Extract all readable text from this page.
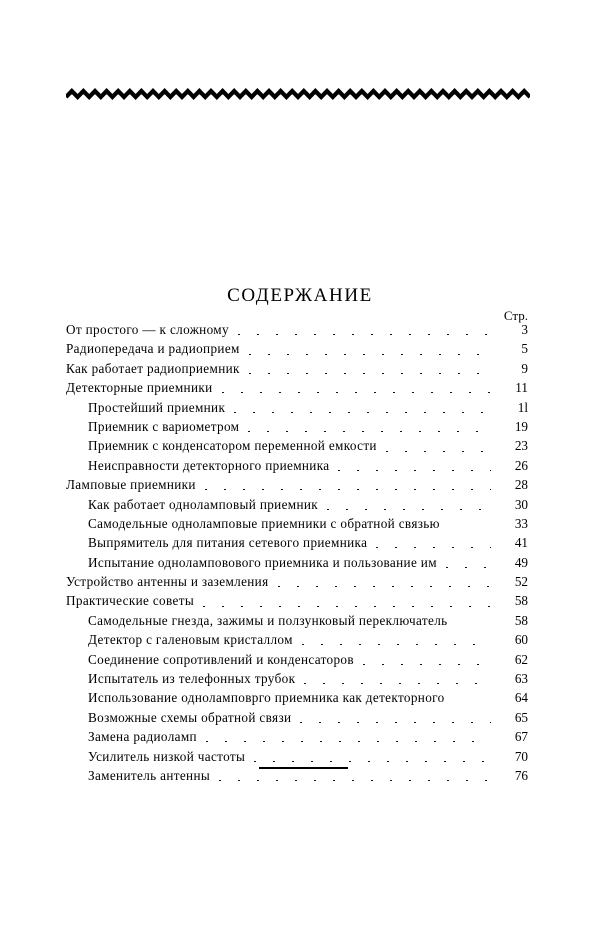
СОДЕРЖАНИЕ
Стр.
От простого — к сложному	3
Радиопередача и радиоприем	5
Как работает радиоприемник	9
Детекторные приемники	11
Простейший приемник	1l
Приемник с вариометром	19
Приемник с конденсатором переменной емкости	23
Неисправности детекторного приемника	26
Ламповые приемники	28
Как работает одноламповый приемник	30
Самодельные одноламповые приемники с обратной связью	33
Выпрямитель для питания сетевого приемника	41
Испытание одноламповового приемника и пользование им	49
Устройство антенны и заземления	52
Практические советы	58
Самодельные гнезда, зажимы и ползунковый переключатель	58
Детектор с галеновым кристаллом	60
Соединение сопротивлений и конденсаторов	62
Испытатель из телефонных трубок	63
Использование одноламповрго приемника как детекторного	64
Возможные схемы обратной связи	65
Замена радиоламп	67
Усилитель низкой частоты	70
Заменитель антенны	76
